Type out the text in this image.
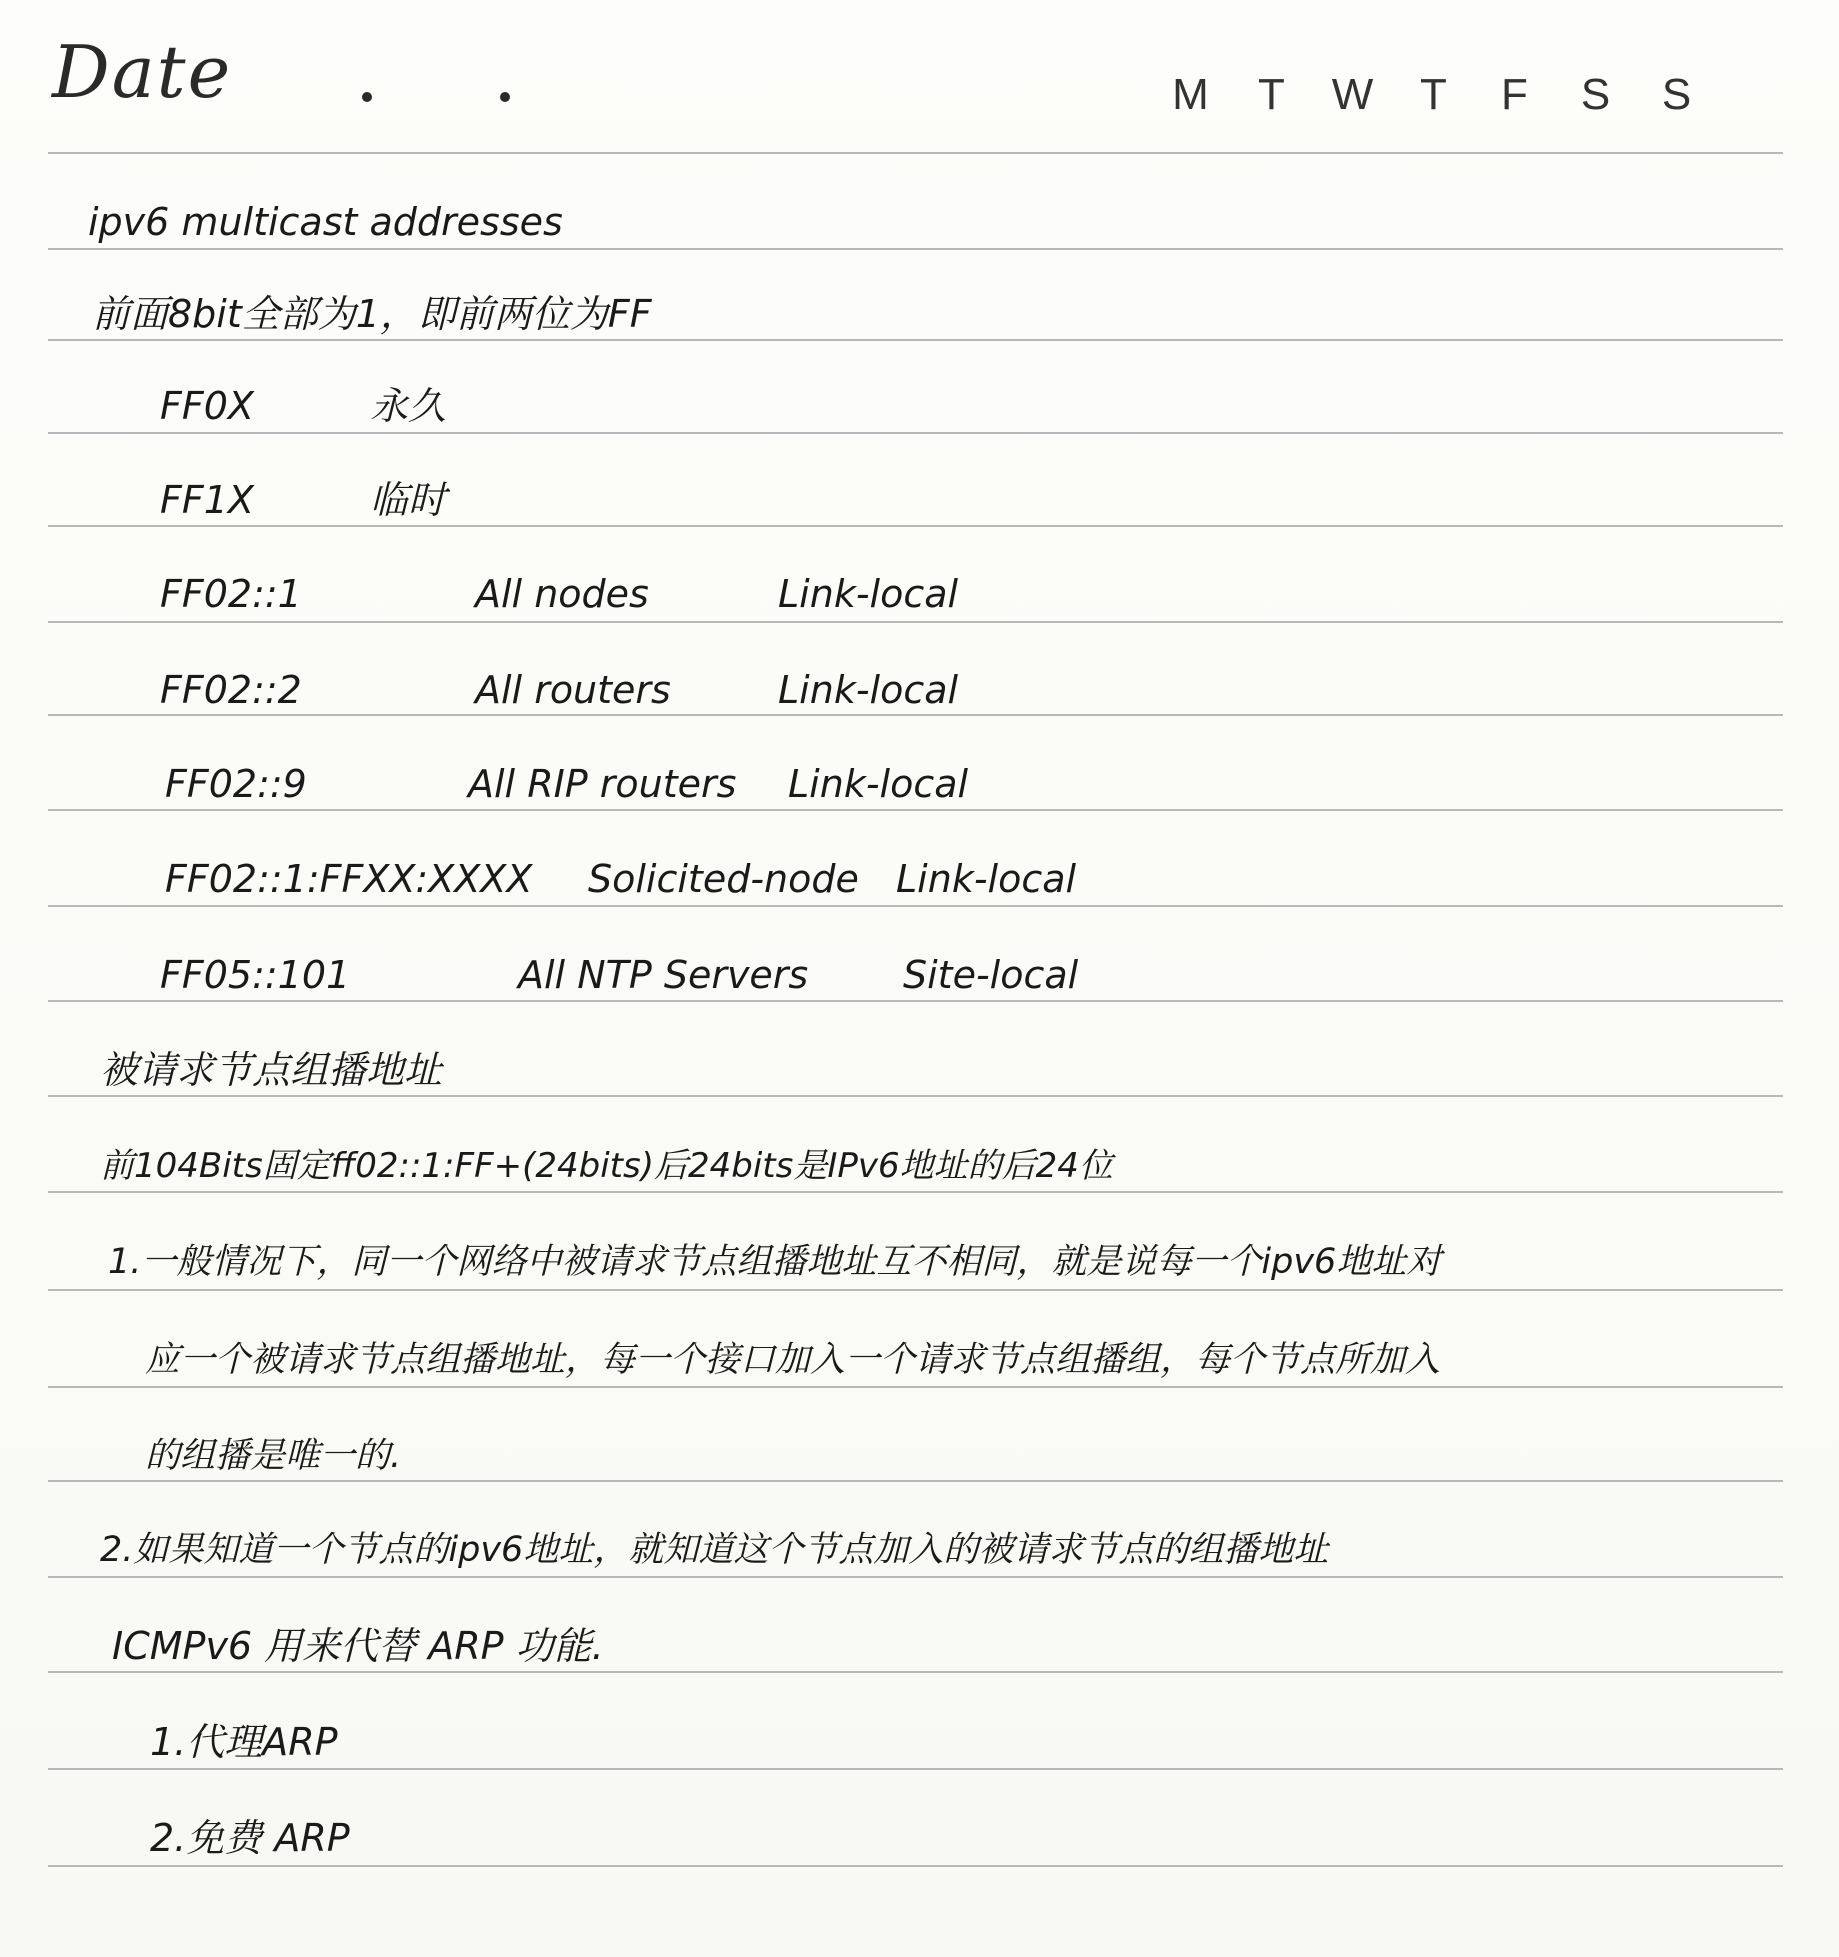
Date	M	T	W	T	F	S	S
ipv6 multicast addresses
前面8bit全部为1，即前两位为FF
FF0X	永久
FF1X	临时
FF02::1	All nodes	Link-local
FF02::2	All routers	Link-local
FF02::9	All RIP routers Link-local
FF02::1:FFXX:XXXX Solicited-node Link-local
FF05::101	All NTP Servers Site-local
被请求节点组播地址
前104Bits固定ff02::1:FF+(24bits)后24bits是IPv6地址的后24位
1.一般情况下，同一个网络中被请求节点组播地址互不相同，就是说每一个ipv6地址对
应一个被请求节点组播地址，每一个接口加入一个请求节点组播组，每个节点所加入
的组播是唯一的.
2.如果知道一个节点的ipv6地址，就知道这个节点加入的被请求节点的组播地址
ICMPv6 用来代替 ARP 功能.
1.代理ARP
2.免费 ARP
